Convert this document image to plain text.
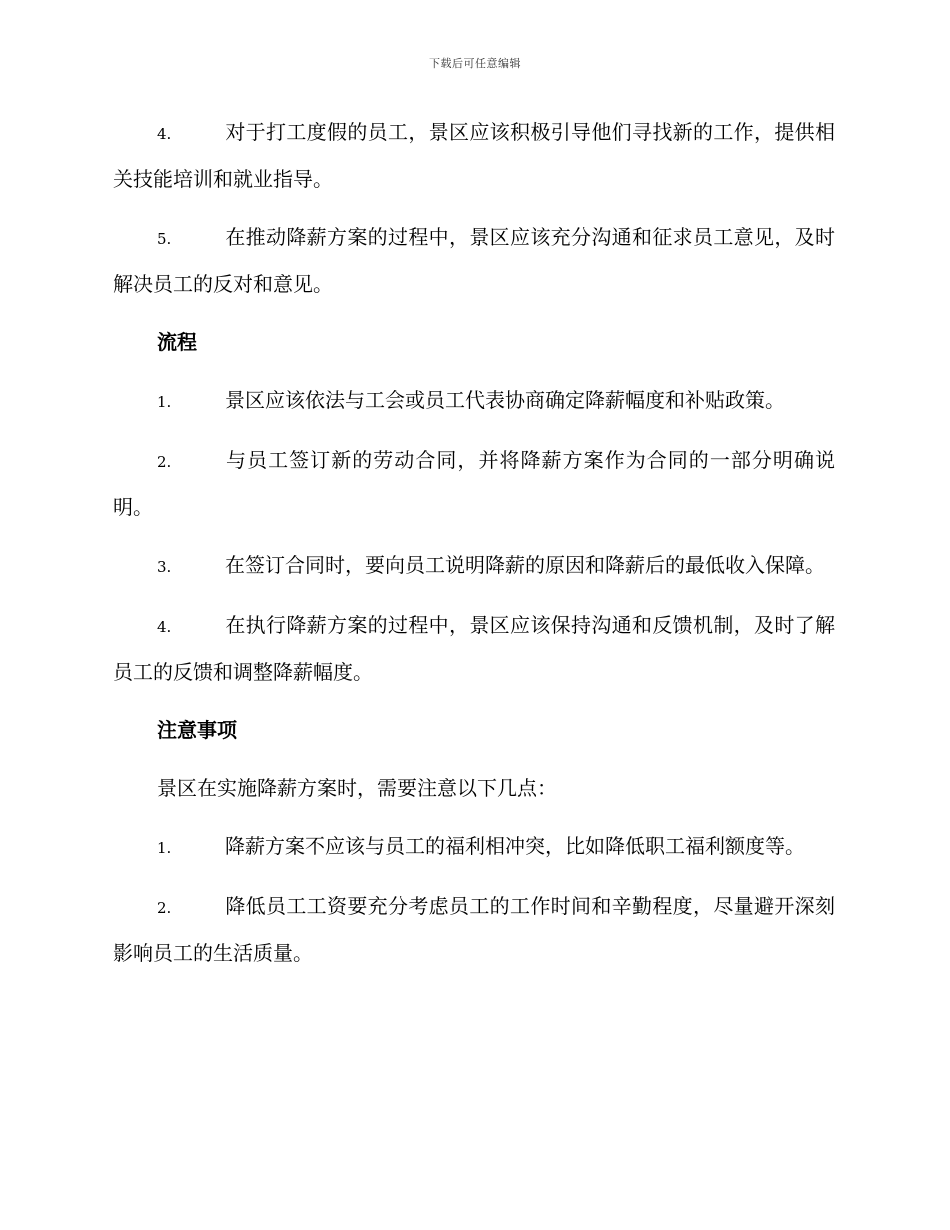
下载后可任意编辑

4.	对于打工度假的员工，景区应该积极引导他们寻找新的工作，提供相关技能培训和就业指导。

5.	在推动降薪方案的过程中，景区应该充分沟通和征求员工意见，及时解决员工的反对和意见。

流程

1.	景区应该依法与工会或员工代表协商确定降薪幅度和补贴政策。

2.	与员工签订新的劳动合同，并将降薪方案作为合同的一部分明确说明。

3.	在签订合同时，要向员工说明降薪的原因和降薪后的最低收入保障。

4.	在执行降薪方案的过程中，景区应该保持沟通和反馈机制，及时了解员工的反馈和调整降薪幅度。

注意事项
景区在实施降薪方案时，需要注意以下几点：

1.	降薪方案不应该与员工的福利相冲突，比如降低职工福利额度等。

2.	降低员工工资要充分考虑员工的工作时间和辛勤程度，尽量避开深刻影响员工的生活质量。
